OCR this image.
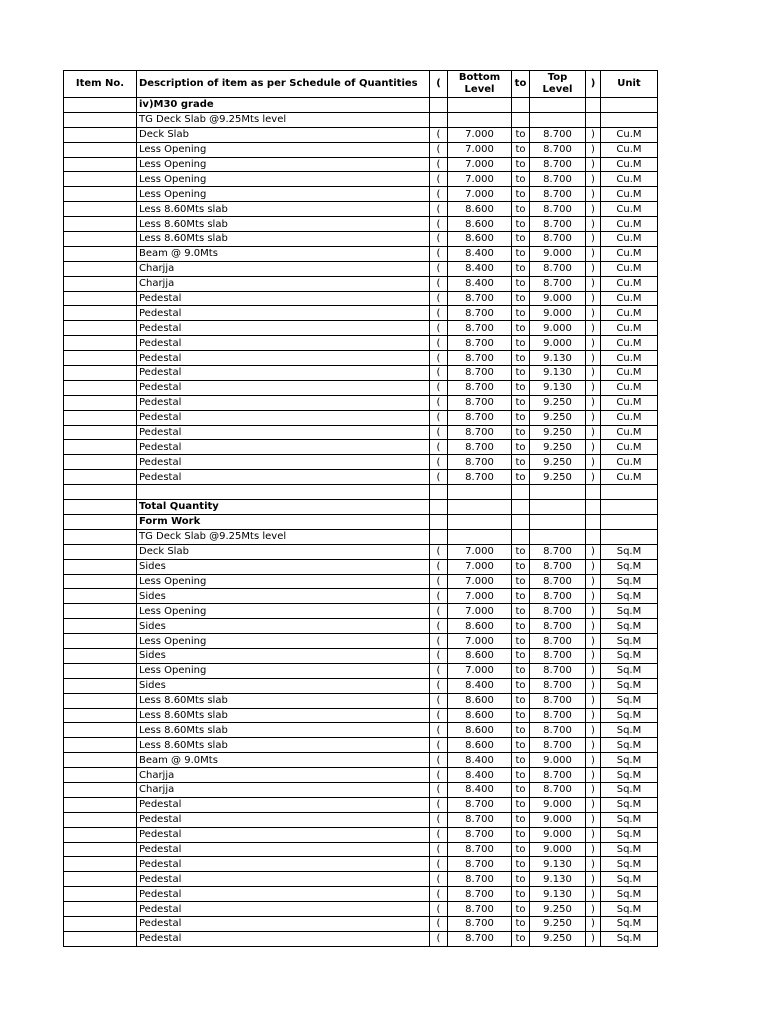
Item No.	Description of item as per Schedule of Quantities	(	Bottom Level	to	Top Level	)	Unit
	iv)M30 grade						
	TG Deck Slab @9.25Mts level						
	Deck Slab	(	7.000	to	8.700	)	Cu.M
	Less Opening	(	7.000	to	8.700	)	Cu.M
	Less Opening	(	7.000	to	8.700	)	Cu.M
	Less Opening	(	7.000	to	8.700	)	Cu.M
	Less Opening	(	7.000	to	8.700	)	Cu.M
	Less 8.60Mts slab	(	8.600	to	8.700	)	Cu.M
	Less 8.60Mts slab	(	8.600	to	8.700	)	Cu.M
	Less 8.60Mts slab	(	8.600	to	8.700	)	Cu.M
	Beam @ 9.0Mts	(	8.400	to	9.000	)	Cu.M
	Charjja	(	8.400	to	8.700	)	Cu.M
	Charjja	(	8.400	to	8.700	)	Cu.M
	Pedestal	(	8.700	to	9.000	)	Cu.M
	Pedestal	(	8.700	to	9.000	)	Cu.M
	Pedestal	(	8.700	to	9.000	)	Cu.M
	Pedestal	(	8.700	to	9.000	)	Cu.M
	Pedestal	(	8.700	to	9.130	)	Cu.M
	Pedestal	(	8.700	to	9.130	)	Cu.M
	Pedestal	(	8.700	to	9.130	)	Cu.M
	Pedestal	(	8.700	to	9.250	)	Cu.M
	Pedestal	(	8.700	to	9.250	)	Cu.M
	Pedestal	(	8.700	to	9.250	)	Cu.M
	Pedestal	(	8.700	to	9.250	)	Cu.M
	Pedestal	(	8.700	to	9.250	)	Cu.M
	Pedestal	(	8.700	to	9.250	)	Cu.M

	Total Quantity						
	Form Work						
	TG Deck Slab @9.25Mts level						
	Deck Slab	(	7.000	to	8.700	)	Sq.M
	Sides	(	7.000	to	8.700	)	Sq.M
	Less Opening	(	7.000	to	8.700	)	Sq.M
	Sides	(	7.000	to	8.700	)	Sq.M
	Less Opening	(	7.000	to	8.700	)	Sq.M
	Sides	(	8.600	to	8.700	)	Sq.M
	Less Opening	(	7.000	to	8.700	)	Sq.M
	Sides	(	8.600	to	8.700	)	Sq.M
	Less Opening	(	7.000	to	8.700	)	Sq.M
	Sides	(	8.400	to	8.700	)	Sq.M
	Less 8.60Mts slab	(	8.600	to	8.700	)	Sq.M
	Less 8.60Mts slab	(	8.600	to	8.700	)	Sq.M
	Less 8.60Mts slab	(	8.600	to	8.700	)	Sq.M
	Less 8.60Mts slab	(	8.600	to	8.700	)	Sq.M
	Beam @ 9.0Mts	(	8.400	to	9.000	)	Sq.M
	Charjja	(	8.400	to	8.700	)	Sq.M
	Charjja	(	8.400	to	8.700	)	Sq.M
	Pedestal	(	8.700	to	9.000	)	Sq.M
	Pedestal	(	8.700	to	9.000	)	Sq.M
	Pedestal	(	8.700	to	9.000	)	Sq.M
	Pedestal	(	8.700	to	9.000	)	Sq.M
	Pedestal	(	8.700	to	9.130	)	Sq.M
	Pedestal	(	8.700	to	9.130	)	Sq.M
	Pedestal	(	8.700	to	9.130	)	Sq.M
	Pedestal	(	8.700	to	9.250	)	Sq.M
	Pedestal	(	8.700	to	9.250	)	Sq.M
	Pedestal	(	8.700	to	9.250	)	Sq.M
